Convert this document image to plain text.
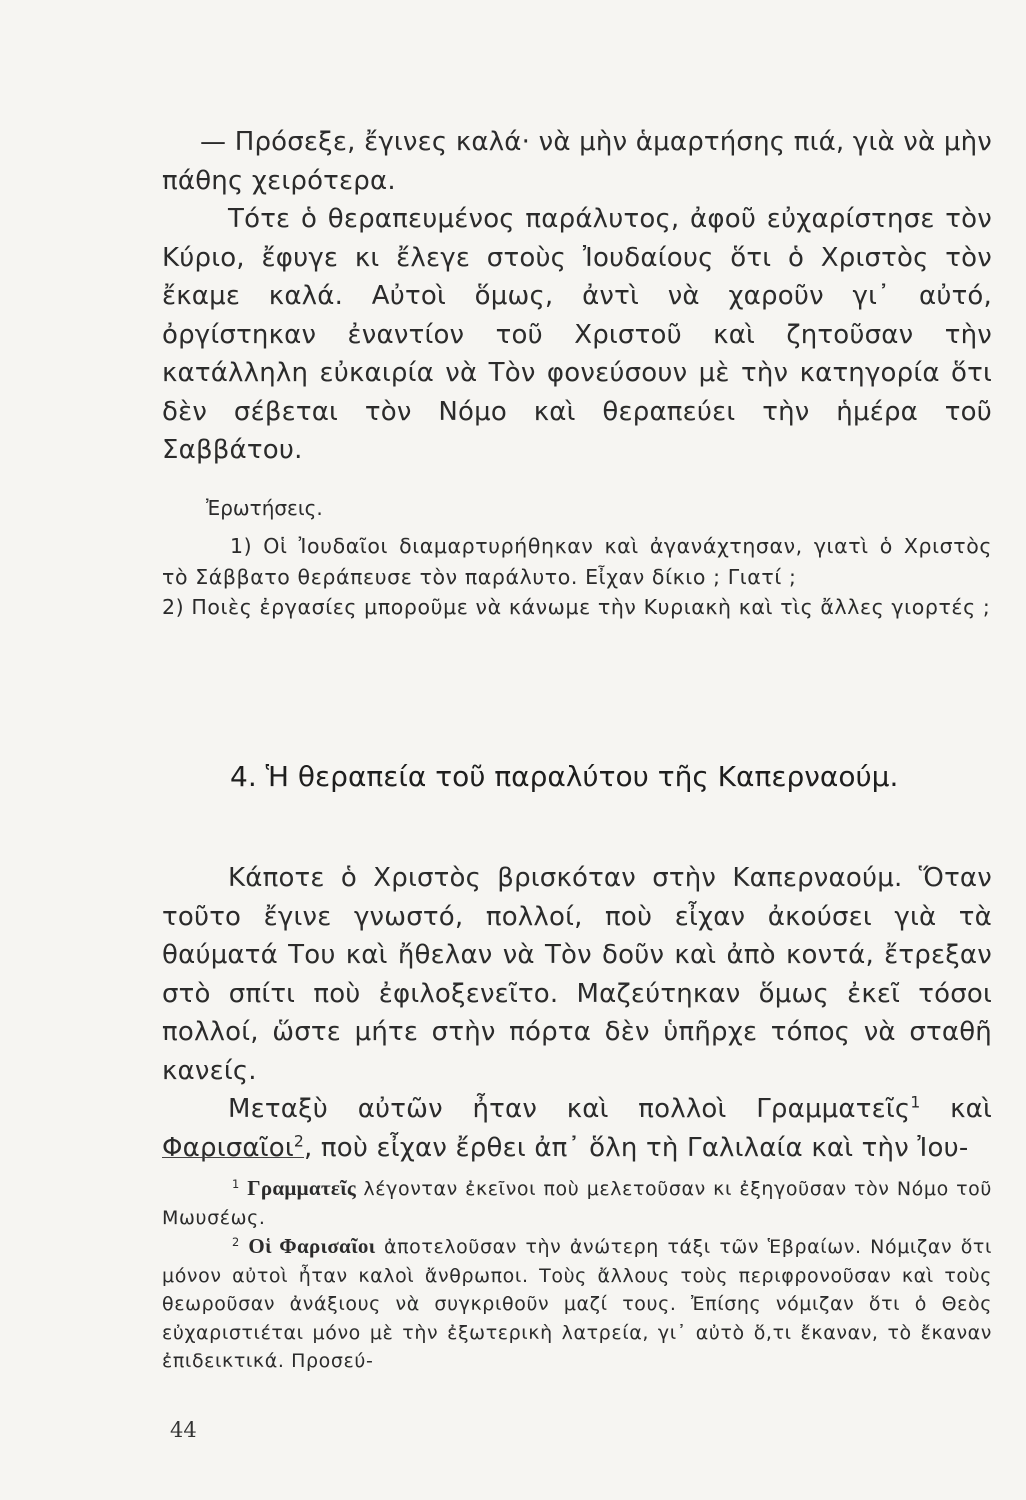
— Πρόσεξε, ἔγινες καλά· νὰ μὴν ἁμαρτήσης πιά, γιὰ νὰ μὴν πάθης χειρότερα.

Τότε ὁ θεραπευμένος παράλυτος, ἀφοῦ εὐχαρίστησε τὸν Κύριο, ἔφυγε κι ἔλεγε στοὺς Ἰουδαίους ὅτι ὁ Χριστὸς τὸν ἔκαμε καλά. Αὐτοὶ ὅμως, ἀντὶ νὰ χαροῦν γι᾽ αὐτό, ὀργίστηκαν ἐναντίον τοῦ Χριστοῦ καὶ ζητοῦσαν τὴν κατάλληλη εὐκαιρία νὰ Τὸν φονεύσουν μὲ τὴν κατηγορία ὅτι δὲν σέβεται τὸν Νόμο καὶ θεραπεύει τὴν ἡμέρα τοῦ Σαββάτου.

Ἐρωτήσεις.

1) Οἱ Ἰουδαῖοι διαμαρτυρήθηκαν καὶ ἀγανάχτησαν, γιατὶ ὁ Χριστὸς τὸ Σάββατο θεράπευσε τὸν παράλυτο. Εἶχαν δίκιο ; Γιατί ;

2) Ποιὲς ἐργασίες μποροῦμε νὰ κάνωμε τὴν Κυριακὴ καὶ τὶς ἄλλες γιορτές ;

4. Ἡ θεραπεία τοῦ παραλύτου τῆς Καπερναούμ.

Κάποτε ὁ Χριστὸς βρισκόταν στὴν Καπερναούμ. Ὅταν τοῦτο ἔγινε γνωστό, πολλοί, ποὺ εἶχαν ἀκούσει γιὰ τὰ θαύματά Του καὶ ἤθελαν νὰ Τὸν δοῦν καὶ ἀπὸ κοντά, ἔτρεξαν στὸ σπίτι ποὺ ἐφιλοξενεῖτο. Μαζεύτηκαν ὅμως ἐκεῖ τόσοι πολλοί, ὥστε μήτε στὴν πόρτα δὲν ὑπῆρχε τόπος νὰ σταθῆ κανείς.

Μεταξὺ αὐτῶν ἦταν καὶ πολλοὶ Γραμματεῖς$^1$ καὶ Φαρισαῖοι$^2$, ποὺ εἶχαν ἔρθει ἀπ᾽ ὅλη τὴ Γαλιλαία καὶ τὴν Ἰου-

$^1$ Γραμματεῖς λέγονταν ἐκεῖνοι ποὺ μελετοῦσαν κι ἐξηγοῦσαν τὸν Νόμο τοῦ Μωυσέως.

$^2$ Οἱ Φαρισαῖοι ἀποτελοῦσαν τὴν ἀνώτερη τάξι τῶν Ἑβραίων. Νόμιζαν ὅτι μόνον αὐτοὶ ἦταν καλοὶ ἄνθρωποι. Τοὺς ἄλλους τοὺς περιφρονοῦσαν καὶ τοὺς θεωροῦσαν ἀνάξιους νὰ συγκριθοῦν μαζί τους. Ἐπίσης νόμιζαν ὅτι ὁ Θεὸς εὐχαριστιέται μόνο μὲ τὴν ἐξωτερικὴ λατρεία, γι᾽ αὐτὸ ὅ,τι ἔκαναν, τὸ ἔκαναν ἐπιδεικτικά. Προσεύ-

44
